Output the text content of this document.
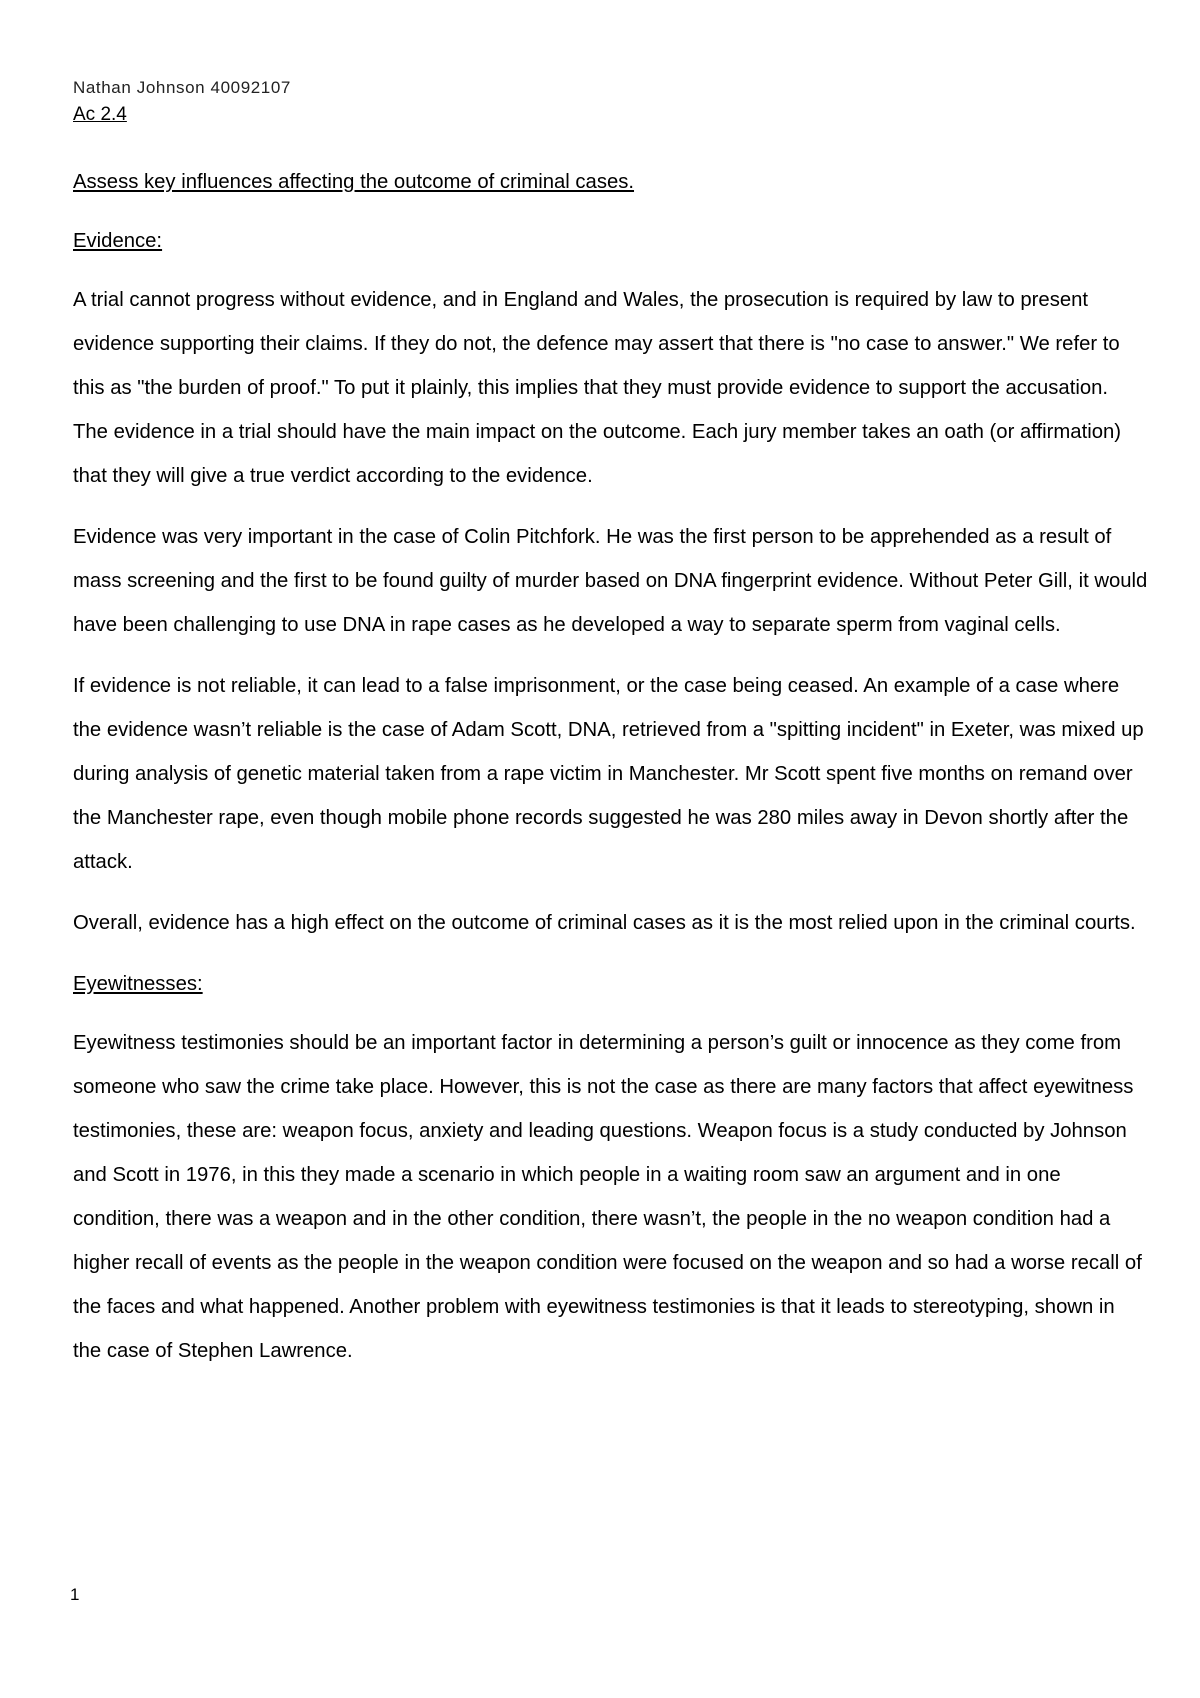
Nathan Johnson 40092107
Ac 2.4

Assess key influences affecting the outcome of criminal cases.

Evidence:

A trial cannot progress without evidence, and in England and Wales, the prosecution is required by law to present evidence supporting their claims. If they do not, the defence may assert that there is "no case to answer." We refer to this as "the burden of proof." To put it plainly, this implies that they must provide evidence to support the accusation. The evidence in a trial should have the main impact on the outcome. Each jury member takes an oath (or affirmation) that they will give a true verdict according to the evidence.

Evidence was very important in the case of Colin Pitchfork. He was the first person to be apprehended as a result of mass screening and the first to be found guilty of murder based on DNA fingerprint evidence. Without Peter Gill, it would have been challenging to use DNA in rape cases as he developed a way to separate sperm from vaginal cells.

If evidence is not reliable, it can lead to a false imprisonment, or the case being ceased. An example of a case where the evidence wasn’t reliable is the case of Adam Scott, DNA, retrieved from a "spitting incident" in Exeter, was mixed up during analysis of genetic material taken from a rape victim in Manchester. Mr Scott spent five months on remand over the Manchester rape, even though mobile phone records suggested he was 280 miles away in Devon shortly after the attack.

Overall, evidence has a high effect on the outcome of criminal cases as it is the most relied upon in the criminal courts.

Eyewitnesses:

Eyewitness testimonies should be an important factor in determining a person’s guilt or innocence as they come from someone who saw the crime take place. However, this is not the case as there are many factors that affect eyewitness testimonies, these are: weapon focus, anxiety and leading questions. Weapon focus is a study conducted by Johnson and Scott in 1976, in this they made a scenario in which people in a waiting room saw an argument and in one condition, there was a weapon and in the other condition, there wasn’t, the people in the no weapon condition had a higher recall of events as the people in the weapon condition were focused on the weapon and so had a worse recall of the faces and what happened. Another problem with eyewitness testimonies is that it leads to stereotyping, shown in the case of Stephen Lawrence.

1
